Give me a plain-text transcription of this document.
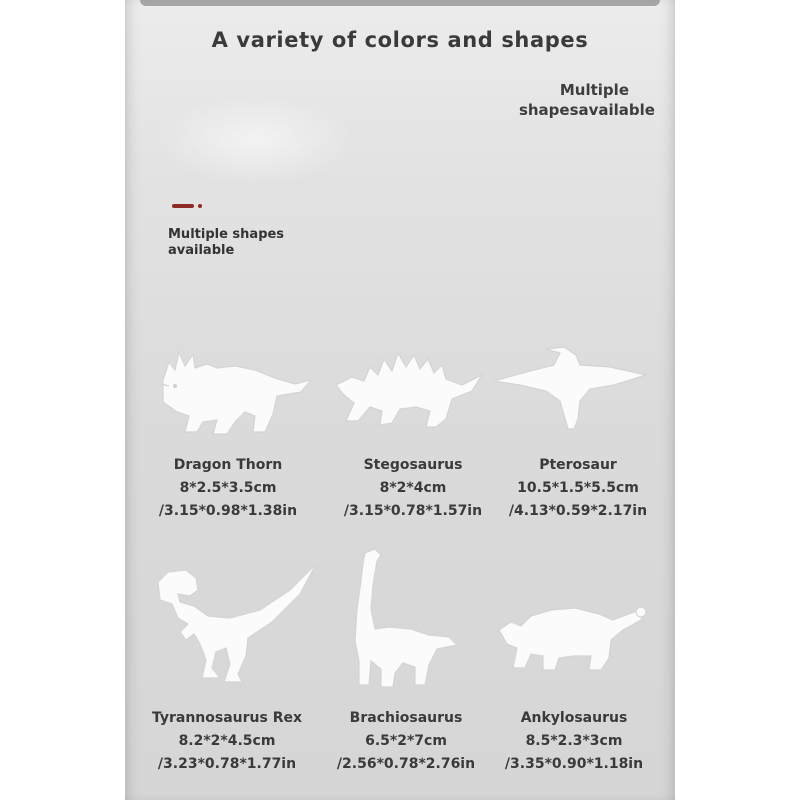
A variety of colors and shapes
Multiple
shapesavailable
Multiple shapes
available
Dragon Thorn
8*2.5*3.5cm
/3.15*0.98*1.38in
Stegosaurus
8*2*4cm
/3.15*0.78*1.57in
Pterosaur
10.5*1.5*5.5cm
/4.13*0.59*2.17in
Tyrannosaurus Rex
8.2*2*4.5cm
/3.23*0.78*1.77in
Brachiosaurus
6.5*2*7cm
/2.56*0.78*2.76in
Ankylosaurus
8.5*2.3*3cm
/3.35*0.90*1.18in
